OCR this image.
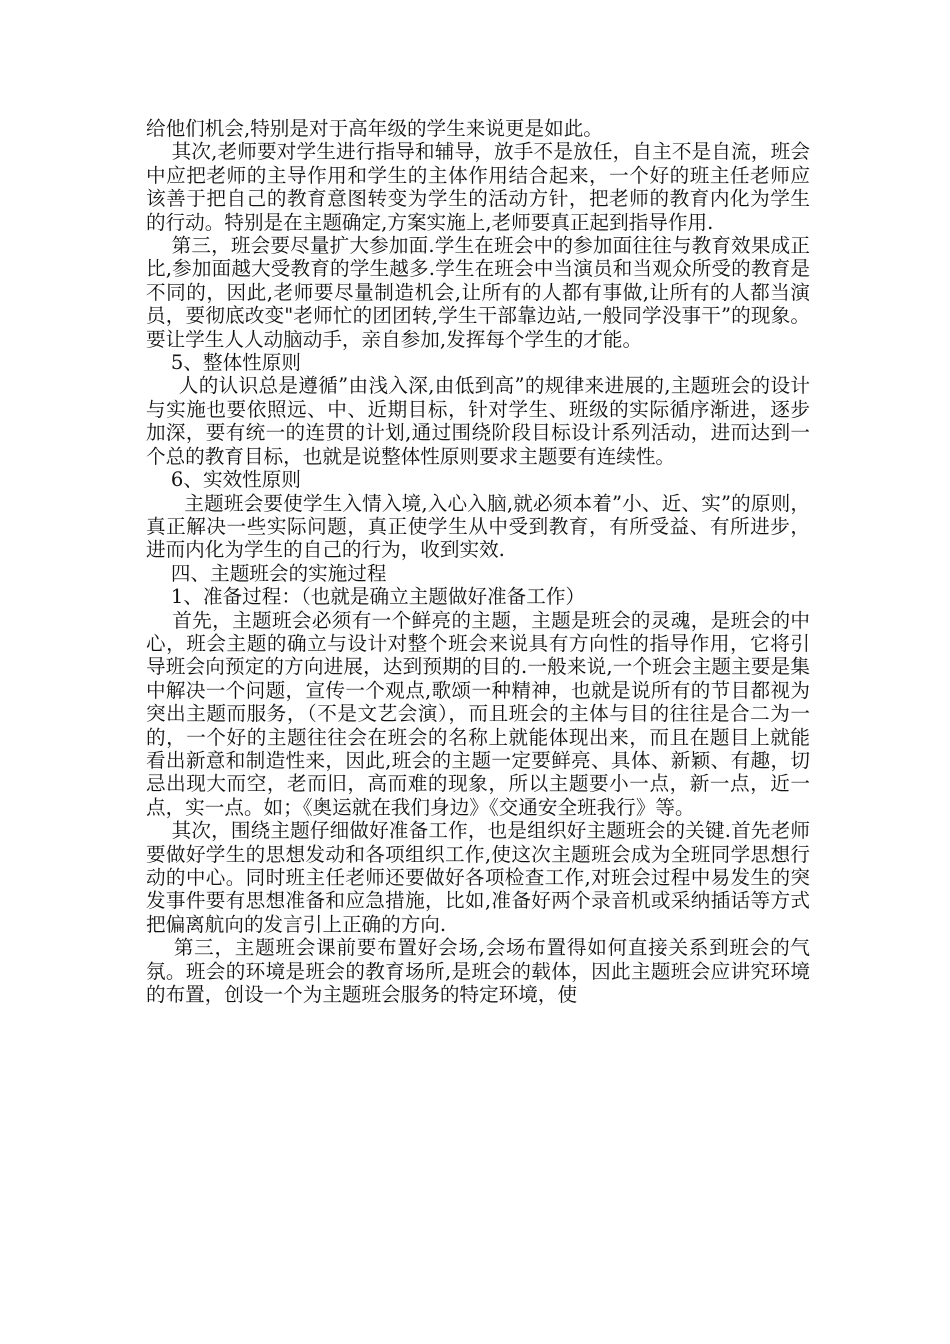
给他们机会,特别是对于高年级的学生来说更是如此。

其次,老师要对学生进行指导和辅导，放手不是放任，自主不是自流，班会中应把老师的主导作用和学生的主体作用结合起来，一个好的班主任老师应该善于把自己的教育意图转变为学生的活动方针，把老师的教育内化为学生的行动。特别是在主题确定,方案实施上,老师要真正起到指导作用.

第三，班会要尽量扩大参加面.学生在班会中的参加面往往与教育效果成正比,参加面越大受教育的学生越多.学生在班会中当演员和当观众所受的教育是不同的，因此,老师要尽量制造机会,让所有的人都有事做,让所有的人都当演员，要彻底改变"老师忙的团团转,学生干部靠边站,一般同学没事干”的现象。要让学生人人动脑动手，亲自参加,发挥每个学生的才能。

5、整体性原则

人的认识总是遵循”由浅入深,由低到高”的规律来进展的,主题班会的设计与实施也要依照远、中、近期目标，针对学生、班级的实际循序渐进，逐步加深，要有统一的连贯的计划,通过围绕阶段目标设计系列活动，进而达到一个总的教育目标，也就是说整体性原则要求主题要有连续性。

6、实效性原则

主题班会要使学生入情入境,入心入脑,就必须本着”小、近、实”的原则，真正解决一些实际问题，真正使学生从中受到教育，有所受益、有所进步，进而内化为学生的自己的行为，收到实效.

四、主题班会的实施过程

1、准备过程：（也就是确立主题做好准备工作）

首先，主题班会必须有一个鲜亮的主题，主题是班会的灵魂，是班会的中心，班会主题的确立与设计对整个班会来说具有方向性的指导作用，它将引导班会向预定的方向进展，达到预期的目的.一般来说,一个班会主题主要是集中解决一个问题，宣传一个观点,歌颂一种精神，也就是说所有的节目都视为突出主题而服务，（不是文艺会演），而且班会的主体与目的往往是合二为一的，一个好的主题往往会在班会的名称上就能体现出来，而且在题目上就能看出新意和制造性来，因此,班会的主题一定要鲜亮、具体、新颖、有趣，切忌出现大而空，老而旧，高而难的现象，所以主题要小一点，新一点，近一点，实一点。如；《奥运就在我们身边》《交通安全班我行》等。

其次，围绕主题仔细做好准备工作，也是组织好主题班会的关键.首先老师要做好学生的思想发动和各项组织工作,使这次主题班会成为全班同学思想行动的中心。同时班主任老师还要做好各项检查工作,对班会过程中易发生的突发事件要有思想准备和应急措施，比如,准备好两个录音机或采纳插话等方式把偏离航向的发言引上正确的方向.

第三，主题班会课前要布置好会场,会场布置得如何直接关系到班会的气氛。班会的环境是班会的教育场所,是班会的载体，因此主题班会应讲究环境的布置，创设一个为主题班会服务的特定环境，使
